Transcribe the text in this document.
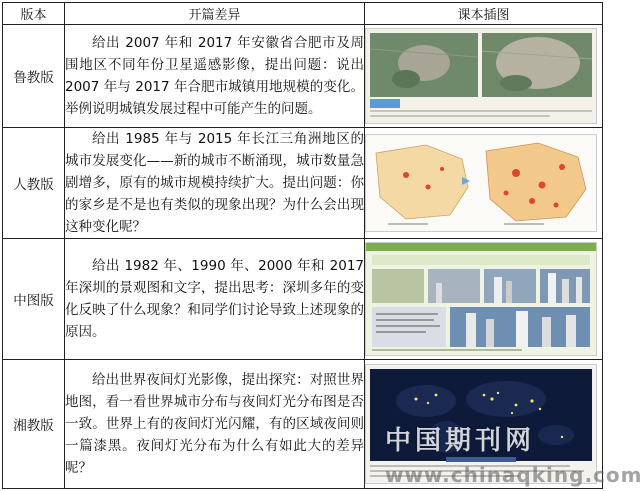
版本	开篇差异	课本插图
鲁教版	给出 2007 年和 2017 年安徽省合肥市及周围地区不同年份卫星遥感影像，提出问题：说出 2007 年与 2017 年合肥市城镇用地规模的变化。举例说明城镇发展过程中可能产生的问题。

人教版	给出 1985 年与 2015 年长江三角洲地区的城市发展变化——新的城市不断涌现，城市数量急剧增多，原有的城市规模持续扩大。提出问题：你的家乡是不是也有类似的现象出现？为什么会出现这种变化呢？

中图版	给出 1982 年、1990 年、2000 年和 2017 年深圳的景观图和文字，提出思考：深圳多年的变化反映了什么现象？和同学们讨论导致上述现象的原因。

湘教版	给出世界夜间灯光影像，提出探究：对照世界地图，看一看世界城市分布与夜间灯光分布图是否一致。世界上有的夜间灯光闪耀，有的区域夜间则一篇漆黑。夜间灯光分布为什么有如此大的差异呢？

中国期刊网
www.chinaqking.com
